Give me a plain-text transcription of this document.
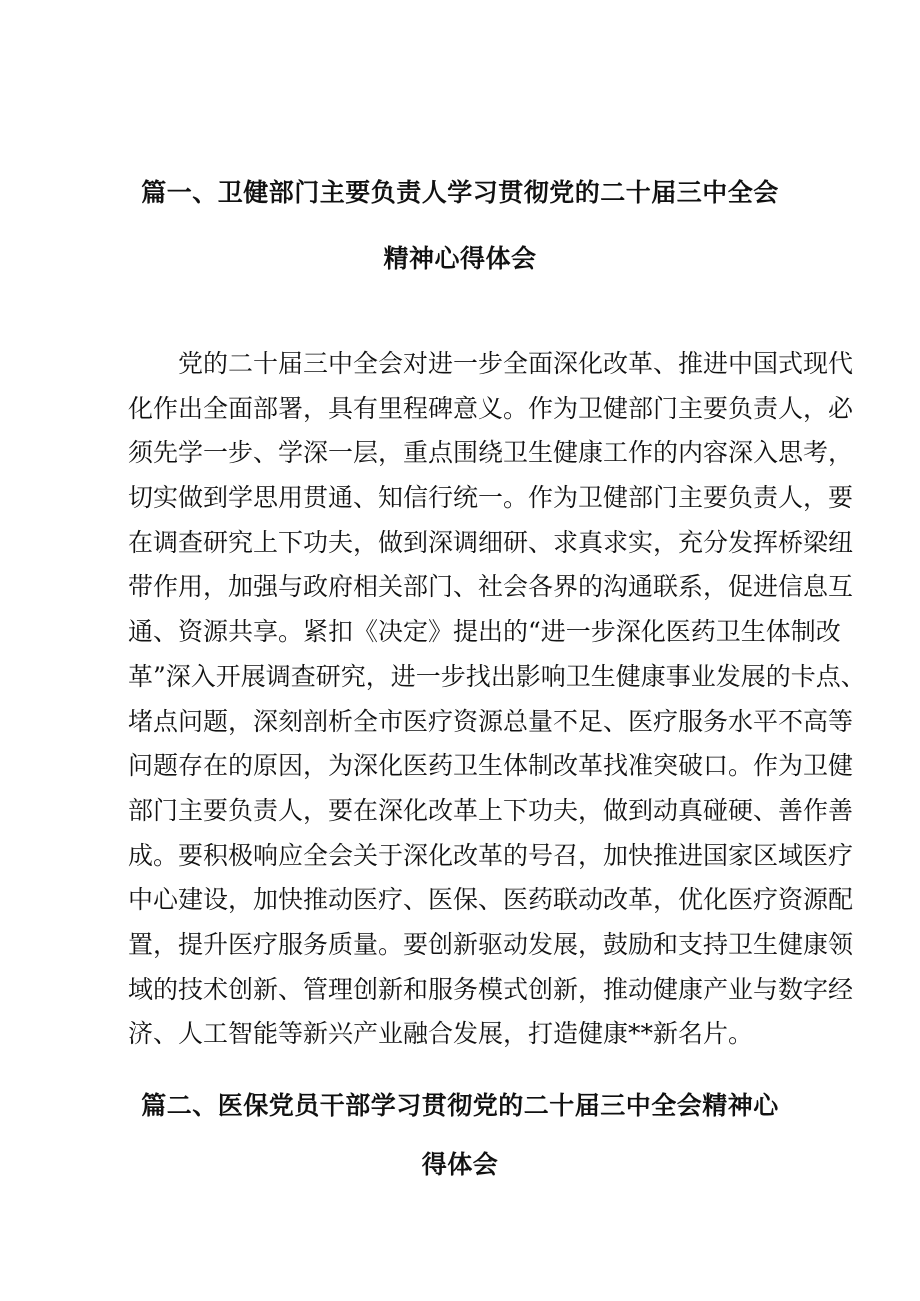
篇一、卫健部门主要负责人学习贯彻党的二十届三中全会
精神心得体会
党的二十届三中全会对进一步全面深化改革、推进中国式现代
化作出全面部署，具有里程碑意义。作为卫健部门主要负责人，必
须先学一步、学深一层，重点围绕卫生健康工作的内容深入思考，
切实做到学思用贯通、知信行统一。作为卫健部门主要负责人，要
在调查研究上下功夫，做到深调细研、求真求实，充分发挥桥梁纽
带作用，加强与政府相关部门、社会各界的沟通联系，促进信息互
通、资源共享。紧扣《决定》提出的“进一步深化医药卫生体制改
革”深入开展调查研究，进一步找出影响卫生健康事业发展的卡点、
堵点问题，深刻剖析全市医疗资源总量不足、医疗服务水平不高等
问题存在的原因，为深化医药卫生体制改革找准突破口。作为卫健
部门主要负责人，要在深化改革上下功夫，做到动真碰硬、善作善
成。要积极响应全会关于深化改革的号召，加快推进国家区域医疗
中心建设，加快推动医疗、医保、医药联动改革，优化医疗资源配
置，提升医疗服务质量。要创新驱动发展，鼓励和支持卫生健康领
域的技术创新、管理创新和服务模式创新，推动健康产业与数字经
济、人工智能等新兴产业融合发展，打造健康**新名片。
篇二、医保党员干部学习贯彻党的二十届三中全会精神心
得体会
